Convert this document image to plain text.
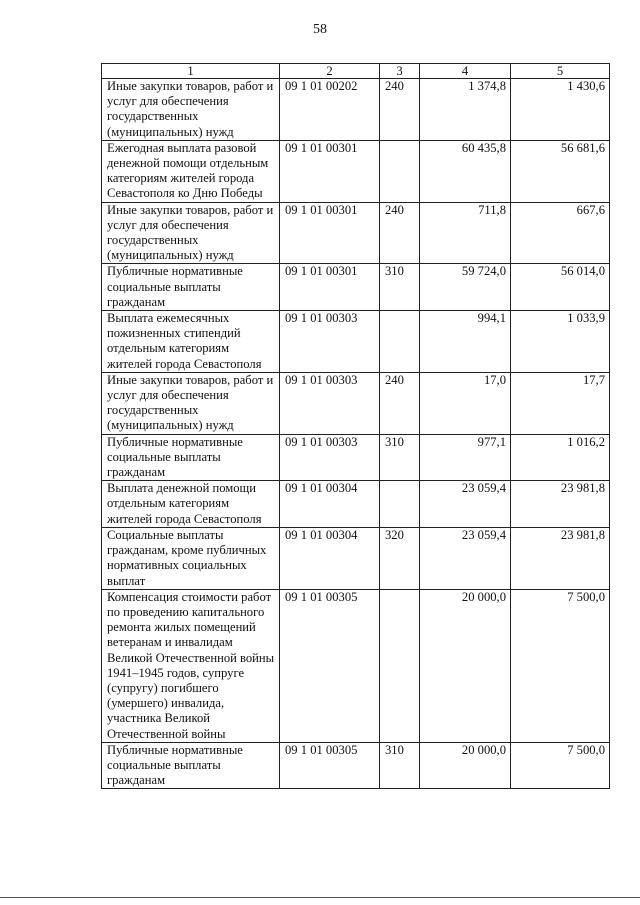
58
1	2	3	4	5
Иные закупки товаров, работ и услуг для обеспечения государственных (муниципальных) нужд	09 1 01 00202	240	1 374,8	1 430,6
Ежегодная выплата разовой денежной помощи отдельным категориям жителей города Севастополя ко Дню Победы	09 1 01 00301		60 435,8	56 681,6
Иные закупки товаров, работ и услуг для обеспечения государственных (муниципальных) нужд	09 1 01 00301	240	711,8	667,6
Публичные нормативные социальные выплаты гражданам	09 1 01 00301	310	59 724,0	56 014,0
Выплата ежемесячных пожизненных стипендий отдельным категориям жителей города Севастополя	09 1 01 00303		994,1	1 033,9
Иные закупки товаров, работ и услуг для обеспечения государственных (муниципальных) нужд	09 1 01 00303	240	17,0	17,7
Публичные нормативные социальные выплаты гражданам	09 1 01 00303	310	977,1	1 016,2
Выплата денежной помощи отдельным категориям жителей города Севастополя	09 1 01 00304		23 059,4	23 981,8
Социальные выплаты гражданам, кроме публичных нормативных социальных выплат	09 1 01 00304	320	23 059,4	23 981,8
Компенсация стоимости работ по проведению капитального ремонта жилых помещений ветеранам и инвалидам Великой Отечественной войны 1941–1945 годов, супруге (супругу) погибшего (умершего) инвалида, участника Великой Отечественной войны	09 1 01 00305		20 000,0	7 500,0
Публичные нормативные социальные выплаты гражданам	09 1 01 00305	310	20 000,0	7 500,0
